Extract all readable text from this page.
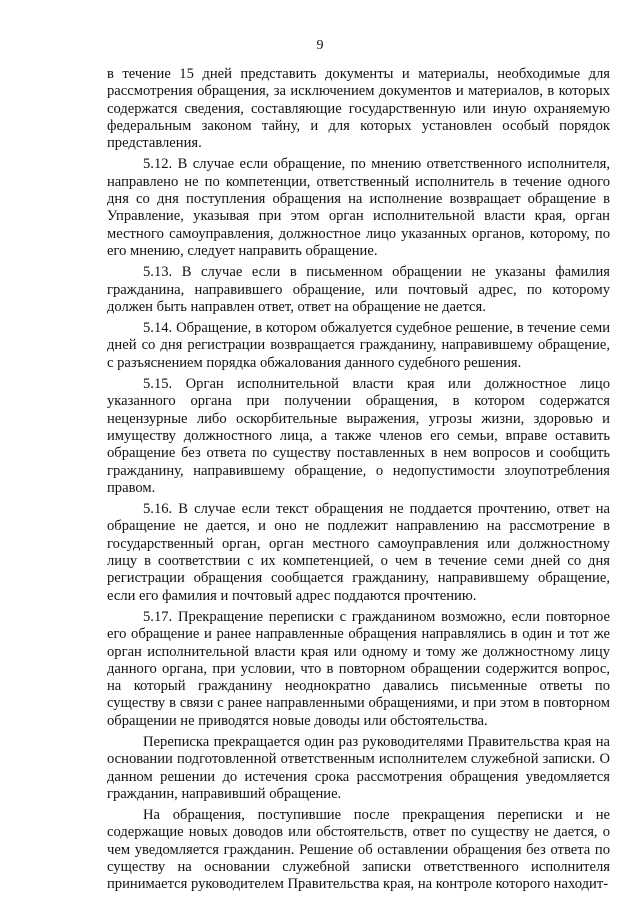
9

в течение 15 дней представить документы и материалы, необходимые для рассмотрения обращения, за исключением документов и материалов, в которых содержатся сведения, составляющие государственную или иную охраняемую федеральным законом тайну, и для которых установлен особый порядок представления.

5.12. В случае если обращение, по мнению ответственного исполнителя, направлено не по компетенции, ответственный исполнитель в течение одного дня со дня поступления обращения на исполнение возвращает обращение в Управление, указывая при этом орган исполнительной власти края, орган местного самоуправления, должностное лицо указанных органов, которому, по его мнению, следует направить обращение.

5.13. В случае если в письменном обращении не указаны фамилия гражданина, направившего обращение, или почтовый адрес, по которому должен быть направлен ответ, ответ на обращение не дается.

5.14. Обращение, в котором обжалуется судебное решение, в течение семи дней со дня регистрации возвращается гражданину, направившему обращение, с разъяснением порядка обжалования данного судебного решения.

5.15. Орган исполнительной власти края или должностное лицо указанного органа при получении обращения, в котором содержатся нецензурные либо оскорбительные выражения, угрозы жизни, здоровью и имуществу должностного лица, а также членов его семьи, вправе оставить обращение без ответа по существу поставленных в нем вопросов и сообщить гражданину, направившему обращение, о недопустимости злоупотребления правом.

5.16. В случае если текст обращения не поддается прочтению, ответ на обращение не дается, и оно не подлежит направлению на рассмотрение в государственный орган, орган местного самоуправления или должностному лицу в соответствии с их компетенцией, о чем в течение семи дней со дня регистрации обращения сообщается гражданину, направившему обращение, если его фамилия и почтовый адрес поддаются прочтению.

5.17. Прекращение переписки с гражданином возможно, если повторное его обращение и ранее направленные обращения направлялись в один и тот же орган исполнительной власти края или одному и тому же должностному лицу данного органа, при условии, что в повторном обращении содержится вопрос, на который гражданину неоднократно давались письменные ответы по существу в связи с ранее направленными обращениями, и при этом в повторном обращении не приводятся новые доводы или обстоятельства.

Переписка прекращается один раз руководителями Правительства края на основании подготовленной ответственным исполнителем служебной записки. О данном решении до истечения срока рассмотрения обращения уведомляется гражданин, направивший обращение.

На обращения, поступившие после прекращения переписки и не содержащие новых доводов или обстоятельств, ответ по существу не дается, о чем уведомляется гражданин. Решение об оставлении обращения без ответа по существу на основании служебной записки ответственного исполнителя принимается руководителем Правительства края, на контроле которого находит-
